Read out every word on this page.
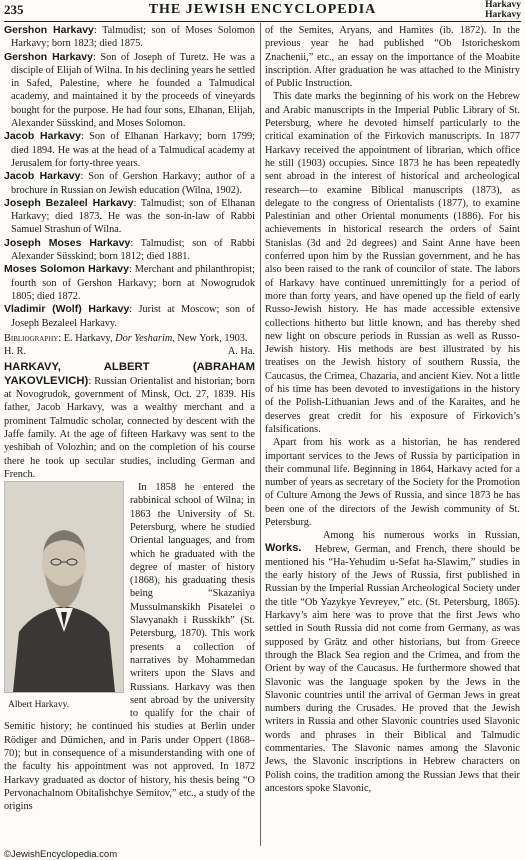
235	THE JEWISH ENCYCLOPEDIA	Harkavy
Harkavy

Gershon Harkavy: Talmudist; son of Moses Solomon Harkavy; born 1823; died 1875.

Gershon Harkavy: Son of Joseph of Turetz. He was a disciple of Elijah of Wilna. In his declining years he settled in Safed, Palestine, where he founded a Talmudical academy, and maintained it by the proceeds of vineyards bought for the purpose. He had four sons, Elhanan, Elijah, Alexander Süsskind, and Moses Solomon.

Jacob Harkavy: Son of Elhanan Harkavy; born 1799; died 1894. He was at the head of a Talmudical academy at Jerusalem for forty-three years.

Jacob Harkavy: Son of Gershon Harkavy; author of a brochure in Russian on Jewish education (Wilna, 1902).

Joseph Bezaleel Harkavy: Talmudist; son of Elhanan Harkavy; died 1873. He was the son-in-law of Rabbi Samuel Strashun of Wilna.

Joseph Moses Harkavy: Talmudist; son of Rabbi Alexander Süsskind; born 1812; died 1881.

Moses Solomon Harkavy: Merchant and philanthropist; fourth son of Gershon Harkavy; born at Nowogrudok 1805; died 1872.

Vladimir (Wolf) Harkavy: Jurist at Moscow; son of Joseph Bezaleel Harkavy.

Bibliography: E. Harkavy, Dor Yesharim, New York, 1903.

H. R.	A. Ha.

HARKAVY, ALBERT (ABRAHAM YAKOVLEVICH): Russian Orientalist and historian; born at Novogrudok, government of Minsk, Oct. 27, 1839. His father, Jacob Harkavy, was a wealthy merchant and a prominent Talmudic scholar, connected by descent with the Jaffe family. At the age of fifteen Harkavy was sent to the yeshibah of Volozhin; and on the completion of his course there he took up secular studies, including German and French.

Albert Harkavy.

In 1858 he entered the rabbinical school of Wilna; in 1863 the University of St. Petersburg, where he studied Oriental languages, and from which he graduated with the degree of master of history (1868), his graduating thesis being “Skazaniya Mussulmanskikh Pisatelei o Slavyanakh i Russkikh” (St. Petersburg, 1870). This work presents a collection of narratives by Mohammedan writers upon the Slavs and Russians. Harkavy was then sent abroad by the university to qualify for the chair of Semitic history; he continued his studies at Berlin under Rödiger and Dümichen, and in Paris under Oppert (1868–70); but in consequence of a misunderstanding with one of the faculty his appointment was not approved. In 1872 Harkavy graduated as doctor of history, his thesis being “O Pervonachalnom Obitalishchye Semitov,” etc., a study of the origins

of the Semites, Aryans, and Hamites (ib. 1872). In the previous year he had published “Ob Istoricheskom Znachenii,” etc., an essay on the importance of the Moabite inscription. After graduation he was attached to the Ministry of Public Instruction.

This date marks the beginning of his work on the Hebrew and Arabic manuscripts in the Imperial Public Library of St. Petersburg, where he devoted himself particularly to the critical examination of the Firkovich manuscripts. In 1877 Harkavy received the appointment of librarian, which office he still (1903) occupies. Since 1873 he has been repeatedly sent abroad in the interest of historical and archeological research—to examine Biblical manuscripts (1873), as delegate to the congress of Orientalists (1877), to examine Palestinian and other Oriental monuments (1886). For his achievements in historical research the orders of Saint Stanislas (3d and 2d degrees) and Saint Anne have been conferred upon him by the Russian government, and he has also been raised to the rank of councilor of state. The labors of Harkavy have continued unremittingly for a period of more than forty years, and have opened up the field of early Russo-Jewish history. He has made accessible extensive collections hitherto but little known, and has thereby shed new light on obscure periods in Russian as well as Russo-Jewish history. His methods are best illustrated by his treatises on the Jewish history of southern Russia, the Caucasus, the Crimea, Chazaria, and ancient Kiev. Not a little of his time has been devoted to investigations in the history of the Polish-Lithuanian Jews and of the Karaites, and he deserves great credit for his exposure of Firkovich’s falsifications.

Apart from his work as a historian, he has rendered important services to the Jews of Russia by participation in their communal life. Beginning in 1864, Harkavy acted for a number of years as secretary of the Society for the Promotion of Culture Among the Jews of Russia, and since 1873 he has been one of the directors of the Jewish community of St. Petersburg.

Works.

Among his numerous works in Russian, Hebrew, German, and French, there should be mentioned his “Ha-Yehudim u-Sefat ha-Slawim,” studies in the early history of the Jews of Russia, first published in Russian by the Imperial Russian Archeological Society under the title “Ob Yazykye Yevreyev,” etc. (St. Petersburg, 1865). Harkavy’s aim here was to prove that the first Jews who settled in South Russia did not come from Germany, as was supposed by Grätz and other historians, but from Greece through the Black Sea region and the Crimea, and from the Orient by way of the Caucasus. He furthermore showed that Slavonic was the language spoken by the Jews in the Slavonic countries until the arrival of German Jews in great numbers during the Crusades. He proved that the Jewish writers in Russia and other Slavonic countries used Slavonic words and phrases in their Biblical and Talmudic commentaries. The Slavonic names among the Slavonic Jews, the Slavonic inscriptions in Hebrew characters on Polish coins, the tradition among the Russian Jews that their ancestors spoke Slavonic,

©JewishEncyclopedia.com
